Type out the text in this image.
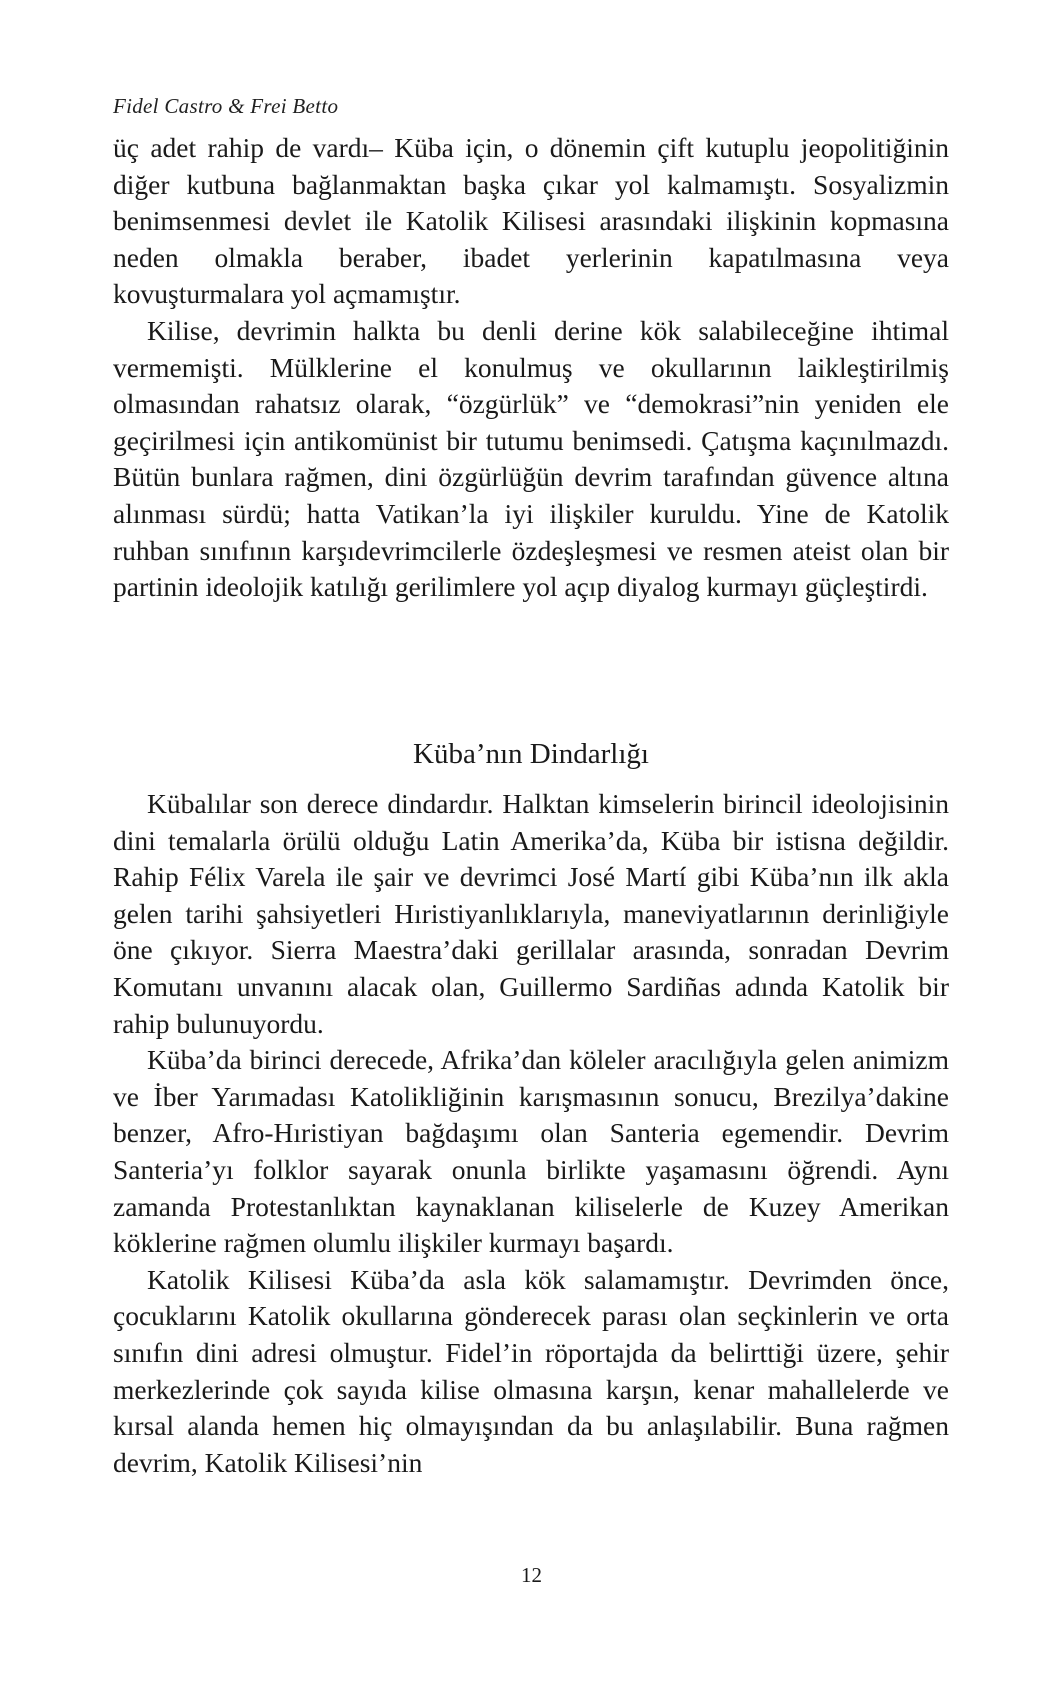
Fidel Castro & Frei Betto

üç adet rahip de vardı– Küba için, o dönemin çift kutuplu jeopolitiğinin diğer kutbuna bağlanmaktan başka çıkar yol kalmamıştı. Sosyalizmin benimsenmesi devlet ile Katolik Kilisesi arasındaki ilişkinin kopmasına neden olmakla beraber, ibadet yerlerinin kapatılmasına veya kovuşturmalara yol açmamıştır.

Kilise, devrimin halkta bu denli derine kök salabileceğine ihtimal vermemişti. Mülklerine el konulmuş ve okullarının laikleştirilmiş olmasından rahatsız olarak, “özgürlük” ve “demokrasi”nin yeniden ele geçirilmesi için antikomünist bir tutumu benimsedi. Çatışma kaçınılmazdı. Bütün bunlara rağmen, dini özgürlüğün devrim tarafından güvence altına alınması sürdü; hatta Vatikan’la iyi ilişkiler kuruldu. Yine de Katolik ruhban sınıfının karşıdevrimcilerle özdeşleşmesi ve resmen ateist olan bir partinin ideolojik katılığı gerilimlere yol açıp diyalog kurmayı güçleştirdi.

Küba’nın Dindarlığı

Kübalılar son derece dindardır. Halktan kimselerin birincil ideolojisinin dini temalarla örülü olduğu Latin Amerika’da, Küba bir istisna değildir. Rahip Félix Varela ile şair ve devrimci José Martí gibi Küba’nın ilk akla gelen tarihi şahsiyetleri Hıristiyanlıklarıyla, maneviyatlarının derinliğiyle öne çıkıyor. Sierra Maestra’daki gerillalar arasında, sonradan Devrim Komutanı unvanını alacak olan, Guillermo Sardiñas adında Katolik bir rahip bulunuyordu.

Küba’da birinci derecede, Afrika’dan köleler aracılığıyla gelen animizm ve İber Yarımadası Katolikliğinin karışmasının sonucu, Brezilya’dakine benzer, Afro-Hıristiyan bağdaşımı olan Santeria egemendir. Devrim Santeria’yı folklor sayarak onunla birlikte yaşamasını öğrendi. Aynı zamanda Protestanlıktan kaynaklanan kiliselerle de Kuzey Amerikan köklerine rağmen olumlu ilişkiler kurmayı başardı.

Katolik Kilisesi Küba’da asla kök salamamıştır. Devrimden önce, çocuklarını Katolik okullarına gönderecek parası olan seçkinlerin ve orta sınıfın dini adresi olmuştur. Fidel’in röportajda da belirttiği üzere, şehir merkezlerinde çok sayıda kilise olmasına karşın, kenar mahallelerde ve kırsal alanda hemen hiç olmayışından da bu anlaşılabilir. Buna rağmen devrim, Katolik Kilisesi’nin

12
